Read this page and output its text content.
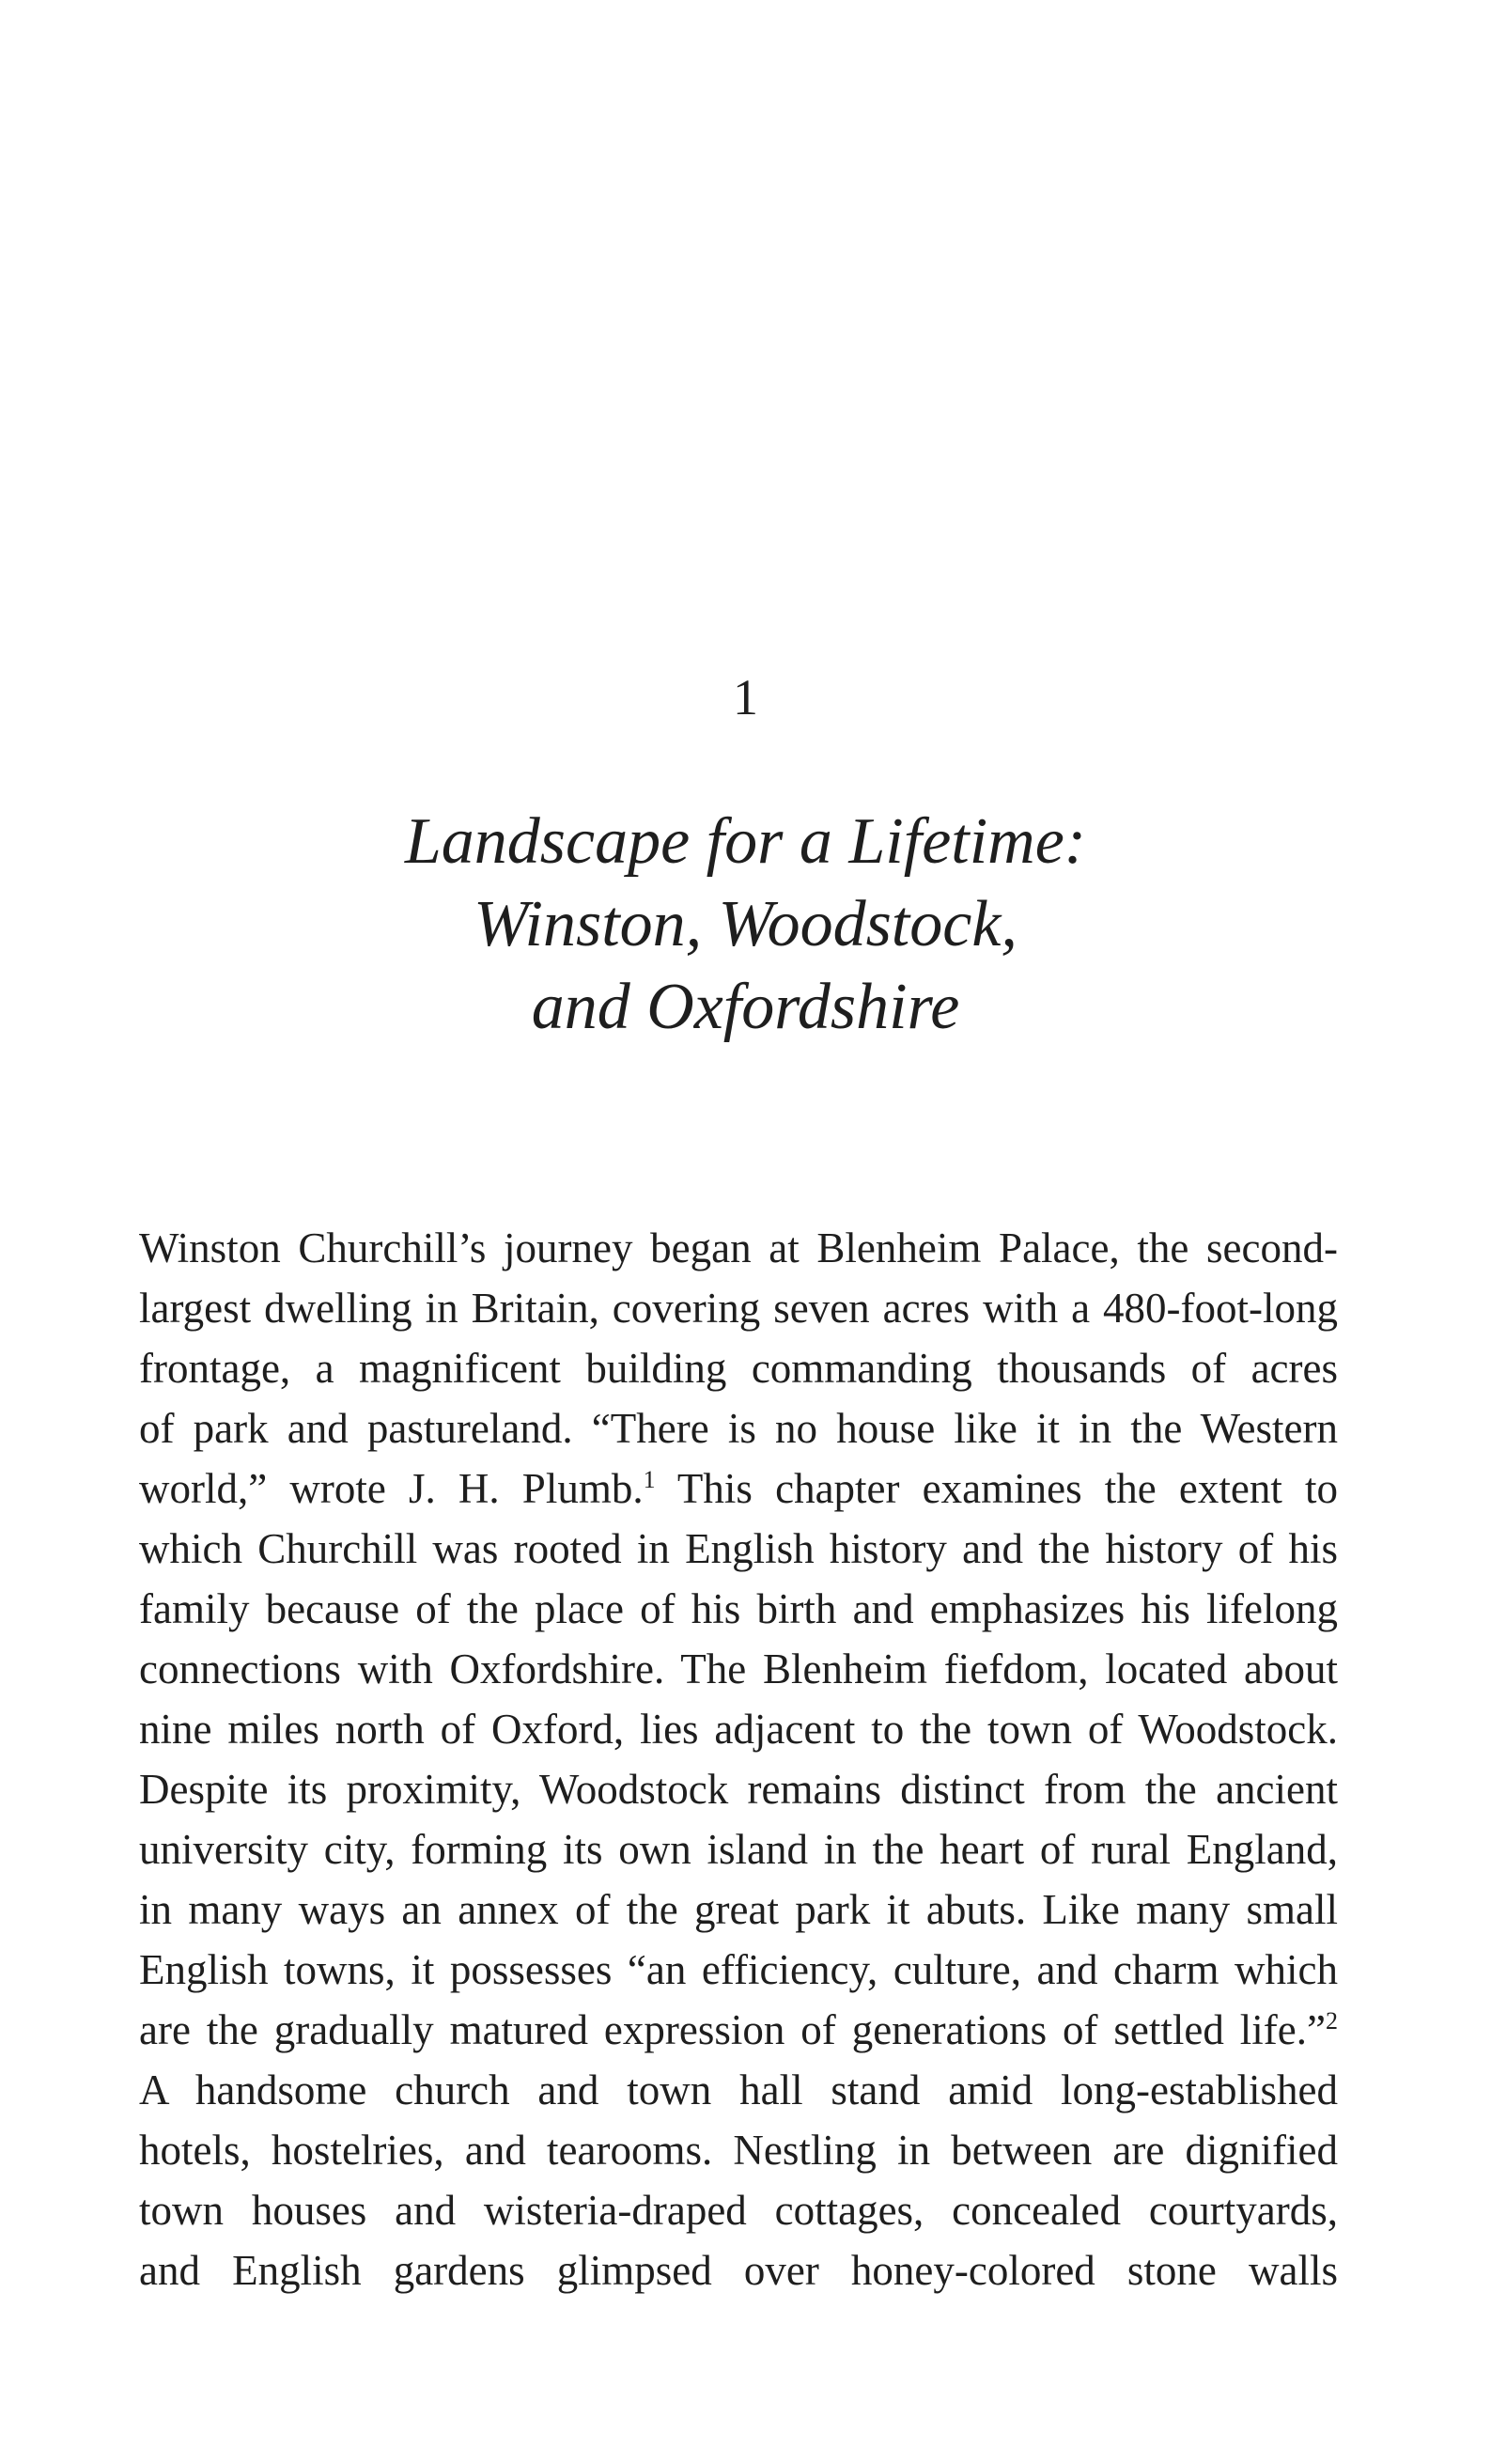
1
Landscape for a Lifetime:
Winston, Woodstock,
and Oxfordshire
Winston Churchill’s journey began at Blenheim Palace, the second-
largest dwelling in Britain, covering seven acres with a 480-foot-long
frontage, a magnificent building commanding thousands of acres
of park and pastureland. “There is no house like it in the Western
world,” wrote J. H. Plumb.$^1$ This chapter examines the extent to
which Churchill was rooted in English history and the history of his
family because of the place of his birth and emphasizes his lifelong
connections with Oxfordshire. The Blenheim fiefdom, located about
nine miles north of Oxford, lies adjacent to the town of Woodstock.
Despite its proximity, Woodstock remains distinct from the ancient
university city, forming its own island in the heart of rural England,
in many ways an annex of the great park it abuts. Like many small
English towns, it possesses “an efficiency, culture, and charm which
are the gradually matured expression of generations of settled life.”$^2$
A handsome church and town hall stand amid long-established
hotels, hostelries, and tearooms. Nestling in between are dignified
town houses and wisteria-draped cottages, concealed courtyards,
and English gardens glimpsed over honey-colored stone walls
